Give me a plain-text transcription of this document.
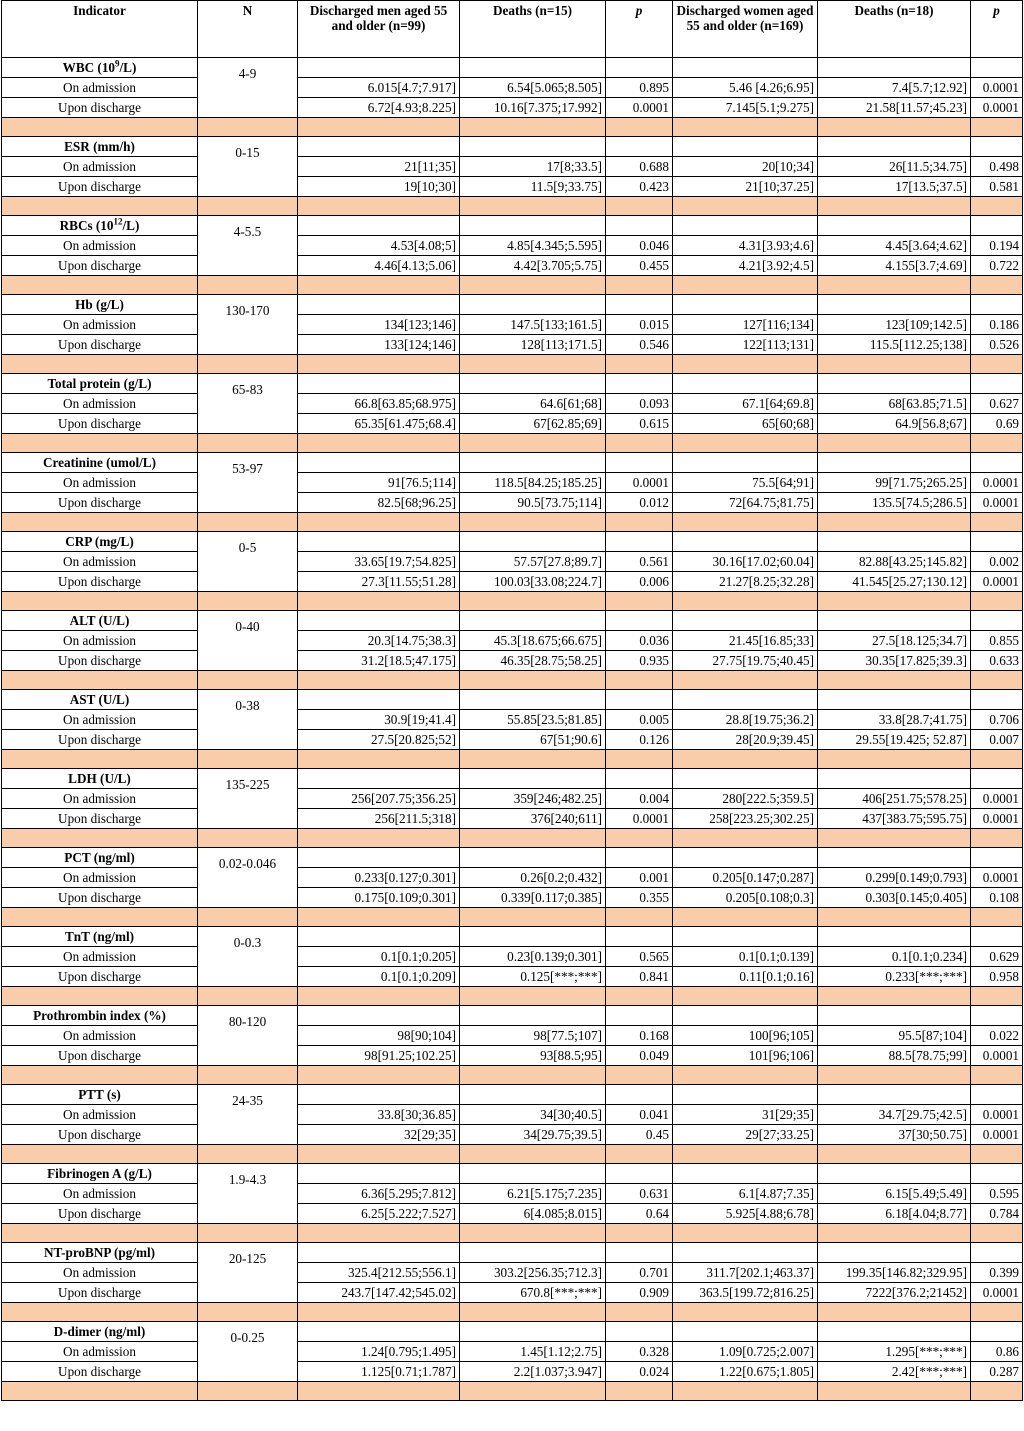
Indicator	N	Discharged men aged 55 and older (n=99)	Deaths (n=15)	p	Discharged women aged 55 and older (n=169)	Deaths (n=18)	p
WBC $(10^9/L)$	4-9						
On admission		6.015[4.7;7.917]	6.54[5.065;8.505]	0.895	5.46 [4.26;6.95]	7.4[5.7;12.92]	0.0001
Upon discharge		6.72[4.93;8.225]	10.16[7.375;17.992]	0.0001	7.145[5.1;9.275]	21.58[11.57;45.23]	0.0001

ESR (mm/h)	0-15						
On admission		21[11;35]	17[8;33.5]	0.688	20[10;34]	26[11.5;34.75]	0.498
Upon discharge		19[10;30]	11.5[9;33.75]	0.423	21[10;37.25]	17[13.5;37.5]	0.581

RBCs $(10^{12}/L)$	4-5.5						
On admission		4.53[4.08;5]	4.85[4.345;5.595]	0.046	4.31[3.93;4.6]	4.45[3.64;4.62]	0.194
Upon discharge		4.46[4.13;5.06]	4.42[3.705;5.75]	0.455	4.21[3.92;4.5]	4.155[3.7;4.69]	0.722

Hb (g/L)	130-170						
On admission		134[123;146]	147.5[133;161.5]	0.015	127[116;134]	123[109;142.5]	0.186
Upon discharge		133[124;146]	128[113;171.5]	0.546	122[113;131]	115.5[112.25;138]	0.526

Total protein (g/L)	65-83						
On admission		66.8[63.85;68.975]	64.6[61;68]	0.093	67.1[64;69.8]	68[63.85;71.5]	0.627
Upon discharge		65.35[61.475;68.4]	67[62.85;69]	0.615	65[60;68]	64.9[56.8;67]	0.69

Creatinine (umol/L)	53-97						
On admission		91[76.5;114]	118.5[84.25;185.25]	0.0001	75.5[64;91]	99[71.75;265.25]	0.0001
Upon discharge		82.5[68;96.25]	90.5[73.75;114]	0.012	72[64.75;81.75]	135.5[74.5;286.5]	0.0001

CRP (mg/L)	0-5						
On admission		33.65[19.7;54.825]	57.57[27.8;89.7]	0.561	30.16[17.02;60.04]	82.88[43.25;145.82]	0.002
Upon discharge		27.3[11.55;51.28]	100.03[33.08;224.7]	0.006	21.27[8.25;32.28]	41.545[25.27;130.12]	0.0001

ALT (U/L)	0-40						
On admission		20.3[14.75;38.3]	45.3[18.675;66.675]	0.036	21.45[16.85;33]	27.5[18.125;34.7]	0.855
Upon discharge		31.2[18.5;47.175]	46.35[28.75;58.25]	0.935	27.75[19.75;40.45]	30.35[17.825;39.3]	0.633

AST (U/L)	0-38						
On admission		30.9[19;41.4]	55.85[23.5;81.85]	0.005	28.8[19.75;36.2]	33.8[28.7;41.75]	0.706
Upon discharge		27.5[20.825;52]	67[51;90.6]	0.126	28[20.9;39.45]	29.55[19.425; 52.87]	0.007

LDH (U/L)	135-225						
On admission		256[207.75;356.25]	359[246;482.25]	0.004	280[222.5;359.5]	406[251.75;578.25]	0.0001
Upon discharge		256[211.5;318]	376[240;611]	0.0001	258[223.25;302.25]	437[383.75;595.75]	0.0001

PCT (ng/ml)	0.02-0.046						
On admission		0.233[0.127;0.301]	0.26[0.2;0.432]	0.001	0.205[0.147;0.287]	0.299[0.149;0.793]	0.0001
Upon discharge		0.175[0.109;0.301]	0.339[0.117;0.385]	0.355	0.205[0.108;0.3]	0.303[0.145;0.405]	0.108

TnT (ng/ml)	0-0.3						
On admission		0.1[0.1;0.205]	0.23[0.139;0.301]	0.565	0.1[0.1;0.139]	0.1[0.1;0.234]	0.629
Upon discharge		0.1[0.1;0.209]	0.125[***;***]	0.841	0.11[0.1;0.16]	0.233[***;***]	0.958

Prothrombin index (%)	80-120						
On admission		98[90;104]	98[77.5;107]	0.168	100[96;105]	95.5[87;104]	0.022
Upon discharge		98[91.25;102.25]	93[88.5;95]	0.049	101[96;106]	88.5[78.75;99]	0.0001

PTT (s)	24-35						
On admission		33.8[30;36.85]	34[30;40.5]	0.041	31[29;35]	34.7[29.75;42.5]	0.0001
Upon discharge		32[29;35]	34[29.75;39.5]	0.45	29[27;33.25]	37[30;50.75]	0.0001

Fibrinogen A (g/L)	1.9-4.3						
On admission		6.36[5.295;7.812]	6.21[5.175;7.235]	0.631	6.1[4.87;7.35]	6.15[5.49;5.49]	0.595
Upon discharge		6.25[5.222;7.527]	6[4.085;8.015]	0.64	5.925[4.88;6.78]	6.18[4.04;8.77]	0.784

NT-proBNP (pg/ml)	20-125						
On admission		325.4[212.55;556.1]	303.2[256.35;712.3]	0.701	311.7[202.1;463.37]	199.35[146.82;329.95]	0.399
Upon discharge		243.7[147.42;545.02]	670.8[***;***]	0.909	363.5[199.72;816.25]	7222[376.2;21452]	0.0001

D-dimer (ng/ml)	0-0.25						
On admission		1.24[0.795;1.495]	1.45[1.12;2.75]	0.328	1.09[0.725;2.007]	1.295[***;***]	0.86
Upon discharge		1.125[0.71;1.787]	2.2[1.037;3.947]	0.024	1.22[0.675;1.805]	2.42[***;***]	0.287
